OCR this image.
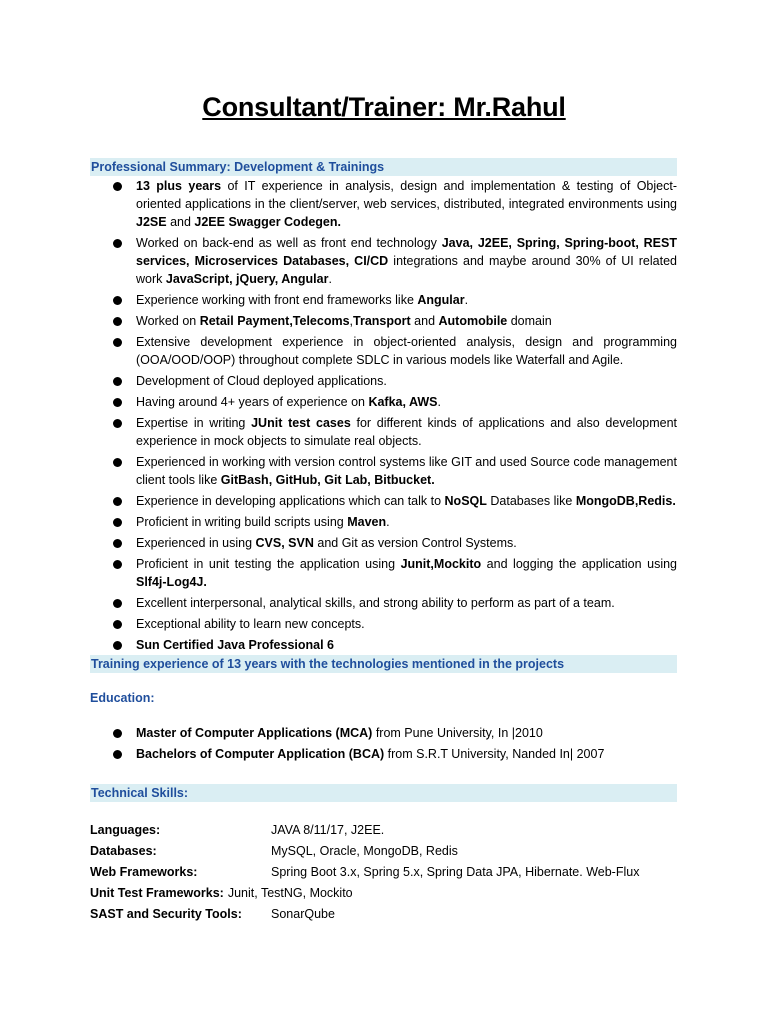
Consultant/Trainer: Mr.Rahul
Professional Summary: Development & Trainings
13 plus years of IT experience in analysis, design and implementation & testing of Object-oriented applications in the client/server, web services, distributed, integrated environments using J2SE and J2EE Swagger Codegen.
Worked on back-end as well as front end technology Java, J2EE, Spring, Spring-boot, REST services, Microservices Databases, CI/CD integrations and maybe around 30% of UI related work JavaScript, jQuery, Angular.
Experience working with front end frameworks like Angular.
Worked on Retail Payment,Telecoms,Transport and Automobile domain
Extensive development experience in object-oriented analysis, design and programming (OOA/OOD/OOP) throughout complete SDLC in various models like Waterfall and Agile.
Development of Cloud deployed applications.
Having around 4+ years of experience on Kafka, AWS.
Expertise in writing JUnit test cases for different kinds of applications and also development experience in mock objects to simulate real objects.
Experienced in working with version control systems like GIT and used Source code management client tools like GitBash, GitHub, Git Lab, Bitbucket.
Experience in developing applications which can talk to NoSQL Databases like MongoDB,Redis.
Proficient in writing build scripts using Maven.
Experienced in using CVS, SVN and Git as version Control Systems.
Proficient in unit testing the application using Junit,Mockito and logging the application using Slf4j-Log4J.
Excellent interpersonal, analytical skills, and strong ability to perform as part of a team.
Exceptional ability to learn new concepts.
Sun Certified Java Professional 6
Training experience of 13 years with the technologies mentioned in the projects
Education:
Master of Computer Applications (MCA) from Pune University, In |2010
Bachelors of Computer Application (BCA) from S.R.T University, Nanded In| 2007
Technical Skills:
Languages:	JAVA 8/11/17, J2EE.
Databases:	MySQL, Oracle, MongoDB, Redis
Web Frameworks:	Spring Boot 3.x, Spring 5.x, Spring Data JPA, Hibernate. Web-Flux
Unit Test Frameworks: Junit, TestNG, Mockito
SAST and Security Tools: SonarQube
